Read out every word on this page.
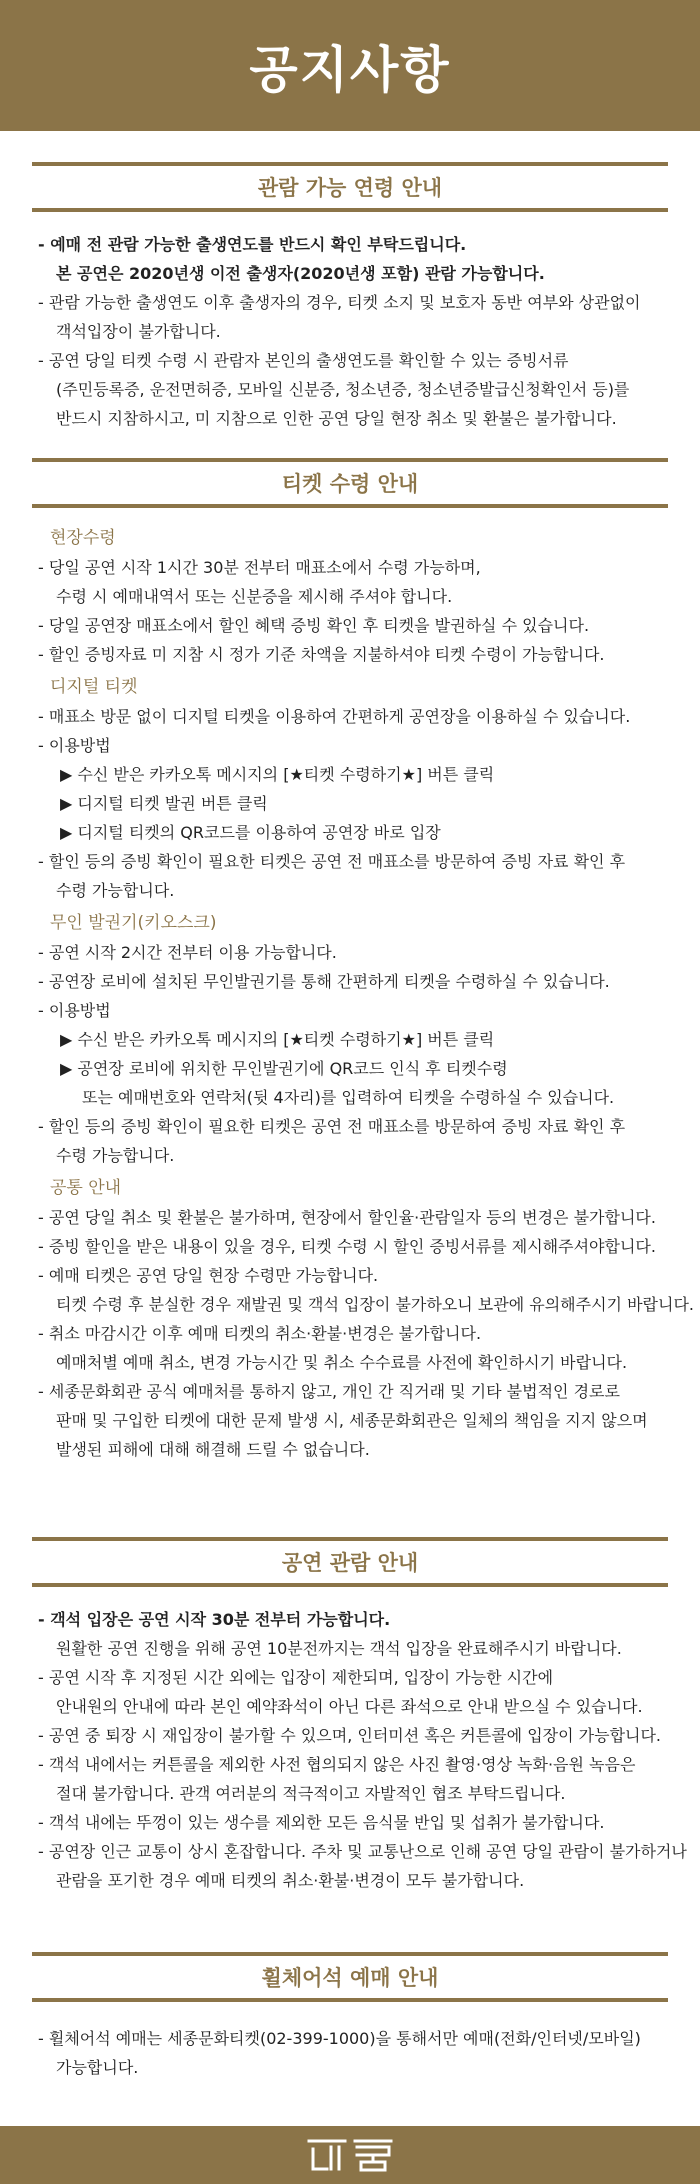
공지사항
관람 가능 연령 안내
- 예매 전 관람 가능한 출생연도를 반드시 확인 부탁드립니다.
본 공연은 2020년생 이전 출생자(2020년생 포함) 관람 가능합니다.
- 관람 가능한 출생연도 이후 출생자의 경우, 티켓 소지 및 보호자 동반 여부와 상관없이
객석입장이 불가합니다.
- 공연 당일 티켓 수령 시 관람자 본인의 출생연도를 확인할 수 있는 증빙서류
(주민등록증, 운전면허증, 모바일 신분증, 청소년증, 청소년증발급신청확인서 등)를
반드시 지참하시고, 미 지참으로 인한 공연 당일 현장 취소 및 환불은 불가합니다.
티켓 수령 안내
현장수령
- 당일 공연 시작 1시간 30분 전부터 매표소에서 수령 가능하며,
수령 시 예매내역서 또는 신분증을 제시해 주셔야 합니다.
- 당일 공연장 매표소에서 할인 혜택 증빙 확인 후 티켓을 발권하실 수 있습니다.
- 할인 증빙자료 미 지참 시 정가 기준 차액을 지불하셔야 티켓 수령이 가능합니다.
디지털 티켓
- 매표소 방문 없이 디지털 티켓을 이용하여 간편하게 공연장을 이용하실 수 있습니다.
- 이용방법
▶ 수신 받은 카카오톡 메시지의 [★티켓 수령하기★] 버튼 클릭
▶ 디지털 티켓 발권 버튼 클릭
▶ 디지털 티켓의 QR코드를 이용하여 공연장 바로 입장
- 할인 등의 증빙 확인이 필요한 티켓은 공연 전 매표소를 방문하여 증빙 자료 확인 후
수령 가능합니다.
무인 발권기(키오스크)
- 공연 시작 2시간 전부터 이용 가능합니다.
- 공연장 로비에 설치된 무인발권기를 통해 간편하게 티켓을 수령하실 수 있습니다.
- 이용방법
▶ 수신 받은 카카오톡 메시지의 [★티켓 수령하기★] 버튼 클릭
▶ 공연장 로비에 위치한 무인발권기에 QR코드 인식 후 티켓수령
또는 예매번호와 연락처(뒷 4자리)를 입력하여 티켓을 수령하실 수 있습니다.
- 할인 등의 증빙 확인이 필요한 티켓은 공연 전 매표소를 방문하여 증빙 자료 확인 후
수령 가능합니다.
공통 안내
- 공연 당일 취소 및 환불은 불가하며, 현장에서 할인율·관람일자 등의 변경은 불가합니다.
- 증빙 할인을 받은 내용이 있을 경우, 티켓 수령 시 할인 증빙서류를 제시해주셔야합니다.
- 예매 티켓은 공연 당일 현장 수령만 가능합니다.
티켓 수령 후 분실한 경우 재발권 및 객석 입장이 불가하오니 보관에 유의해주시기 바랍니다.
- 취소 마감시간 이후 예매 티켓의 취소·환불·변경은 불가합니다.
예매처별 예매 취소, 변경 가능시간 및 취소 수수료를 사전에 확인하시기 바랍니다.
- 세종문화회관 공식 예매처를 통하지 않고, 개인 간 직거래 및 기타 불법적인 경로로
판매 및 구입한 티켓에 대한 문제 발생 시, 세종문화회관은 일체의 책임을 지지 않으며
발생된 피해에 대해 해결해 드릴 수 없습니다.
공연 관람 안내
- 객석 입장은 공연 시작 30분 전부터 가능합니다.
원활한 공연 진행을 위해 공연 10분전까지는 객석 입장을 완료해주시기 바랍니다.
- 공연 시작 후 지정된 시간 외에는 입장이 제한되며, 입장이 가능한 시간에
안내원의 안내에 따라 본인 예약좌석이 아닌 다른 좌석으로 안내 받으실 수 있습니다.
- 공연 중 퇴장 시 재입장이 불가할 수 있으며, 인터미션 혹은 커튼콜에 입장이 가능합니다.
- 객석 내에서는 커튼콜을 제외한 사전 협의되지 않은 사진 촬영·영상 녹화·음원 녹음은
절대 불가합니다. 관객 여러분의 적극적이고 자발적인 협조 부탁드립니다.
- 객석 내에는 뚜껑이 있는 생수를 제외한 모든 음식물 반입 및 섭취가 불가합니다.
- 공연장 인근 교통이 상시 혼잡합니다. 주차 및 교통난으로 인해 공연 당일 관람이 불가하거나
관람을 포기한 경우 예매 티켓의 취소·환불·변경이 모두 불가합니다.
휠체어석 예매 안내
- 휠체어석 예매는 세종문화티켓(02-399-1000)을 통해서만 예매(전화/인터넷/모바일)
가능합니다.
